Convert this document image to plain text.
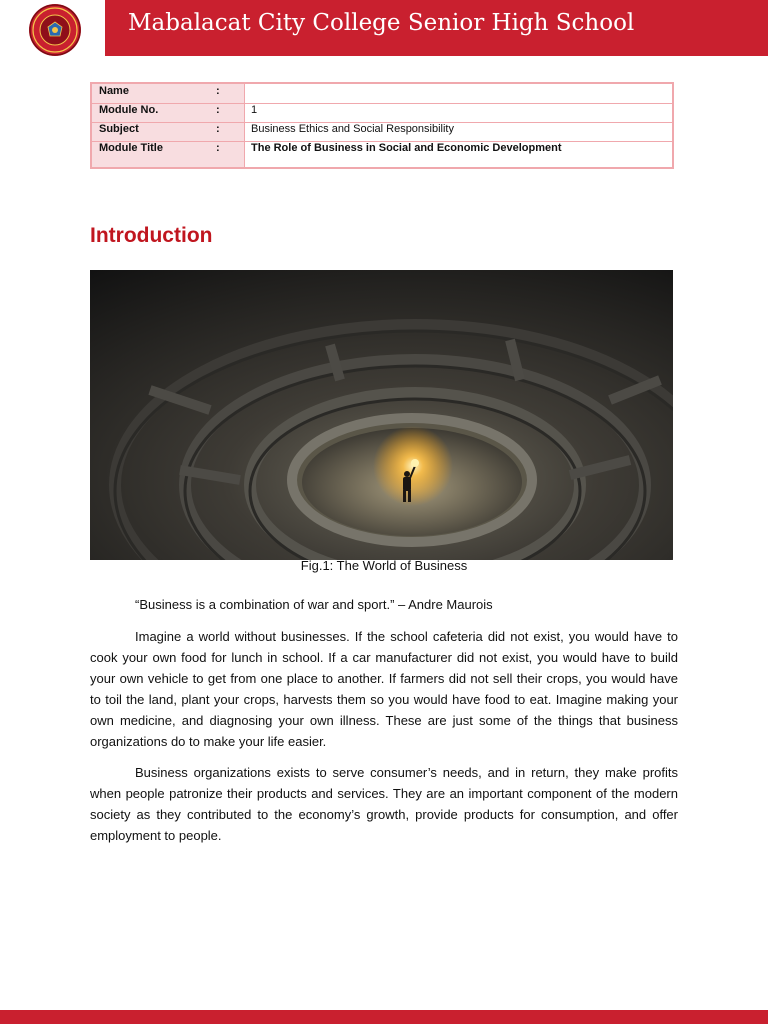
Mabalacat City College Senior High School
Name	:
Module No.	:	1
Subject	:	Business Ethics and Social Responsibility
Module Title	:	The Role of Business in Social and Economic Development
Introduction
Fig.1: The World of Business
“Business is a combination of war and sport.” – Andre Maurois

Imagine a world without businesses. If the school cafeteria did not exist, you would have to cook your own food for lunch in school. If a car manufacturer did not exist, you would have to build your own vehicle to get from one place to another. If farmers did not sell their crops, you would have to toil the land, plant your crops, harvests them so you would have food to eat. Imagine making your own medicine, and diagnosing your own illness. These are just some of the things that business organizations do to make your life easier.

Business organizations exists to serve consumer’s needs, and in return, they make profits when people patronize their products and services. They are an important component of the modern society as they contributed to the economy’s growth, provide products for consumption, and offer employment to people.
